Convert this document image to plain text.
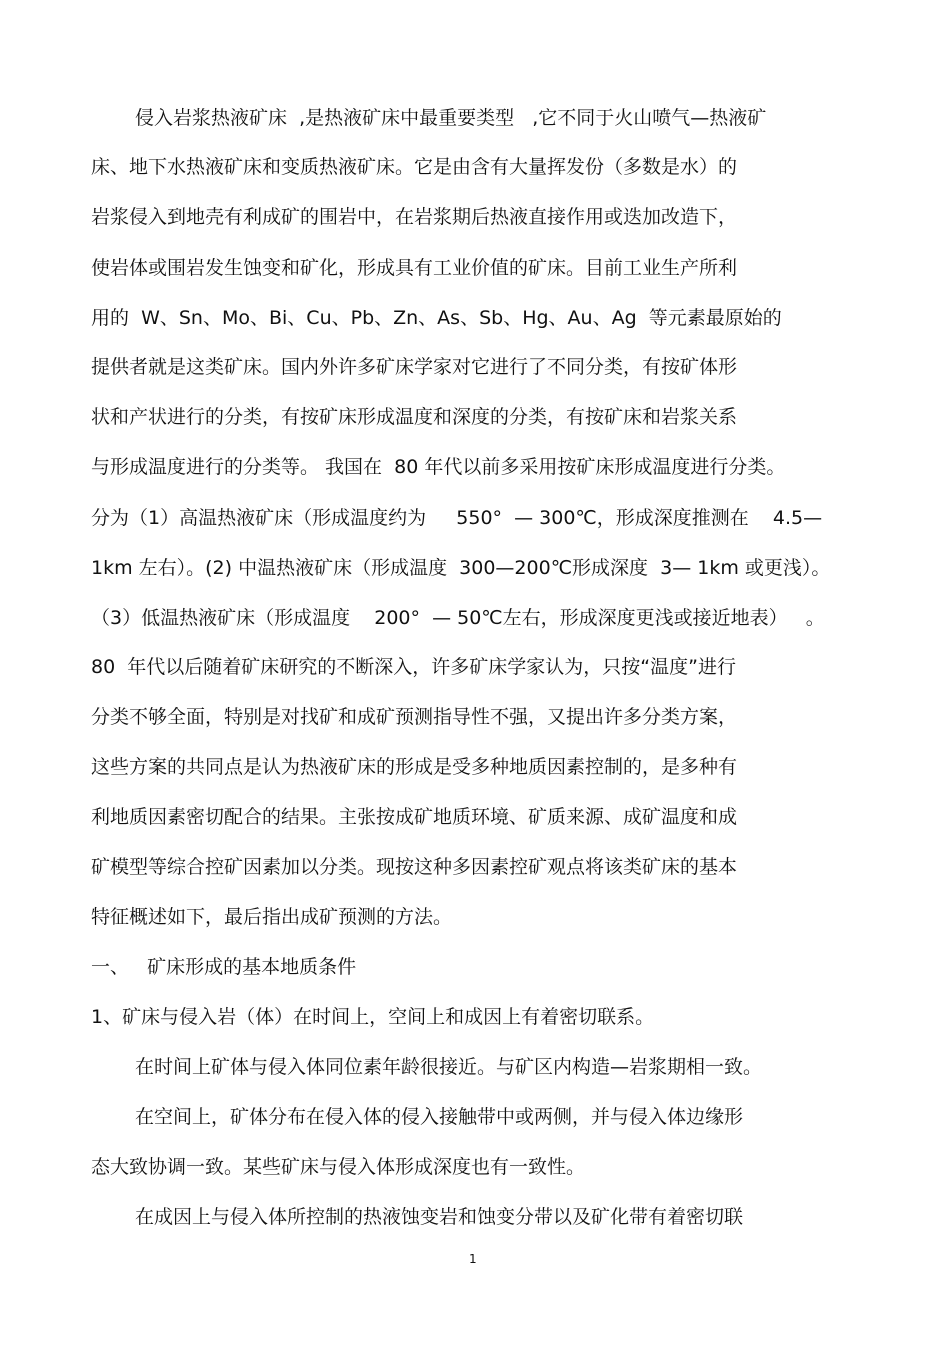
侵入岩浆热液矿床  ,是热液矿床中最重要类型   ,它不同于火山喷气—热液矿
床、地下水热液矿床和变质热液矿床。它是由含有大量挥发份（多数是水）的
岩浆侵入到地壳有利成矿的围岩中，在岩浆期后热液直接作用或迭加改造下，
使岩体或围岩发生蚀变和矿化，形成具有工业价值的矿床。目前工业生产所利
用的  W、Sn、Mo、Bi、Cu、Pb、Zn、As、Sb、Hg、Au、Ag  等元素最原始的
提供者就是这类矿床。国内外许多矿床学家对它进行了不同分类，有按矿体形
状和产状进行的分类，有按矿床形成温度和深度的分类，有按矿床和岩浆关系
与形成温度进行的分类等。 我国在  80 年代以前多采用按矿床形成温度进行分类。
分为（1）高温热液矿床（形成温度约为     550°  — 300℃，形成深度推测在    4.5—
1km 左右）。(2) 中温热液矿床（形成温度  300—200℃形成深度  3— 1km 或更浅）。
（3）低温热液矿床（形成温度    200°  — 50℃左右，形成深度更浅或接近地表）   。
80  年代以后随着矿床研究的不断深入，许多矿床学家认为，只按“温度”进行
分类不够全面，特别是对找矿和成矿预测指导性不强，又提出许多分类方案，
这些方案的共同点是认为热液矿床的形成是受多种地质因素控制的，是多种有
利地质因素密切配合的结果。主张按成矿地质环境、矿质来源、成矿温度和成
矿模型等综合控矿因素加以分类。现按这种多因素控矿观点将该类矿床的基本
特征概述如下，最后指出成矿预测的方法。
一、   矿床形成的基本地质条件
1、矿床与侵入岩（体）在时间上，空间上和成因上有着密切联系。
在时间上矿体与侵入体同位素年龄很接近。与矿区内构造—岩浆期相一致。
在空间上，矿体分布在侵入体的侵入接触带中或两侧，并与侵入体边缘形
态大致协调一致。某些矿床与侵入体形成深度也有一致性。
在成因上与侵入体所控制的热液蚀变岩和蚀变分带以及矿化带有着密切联
1
